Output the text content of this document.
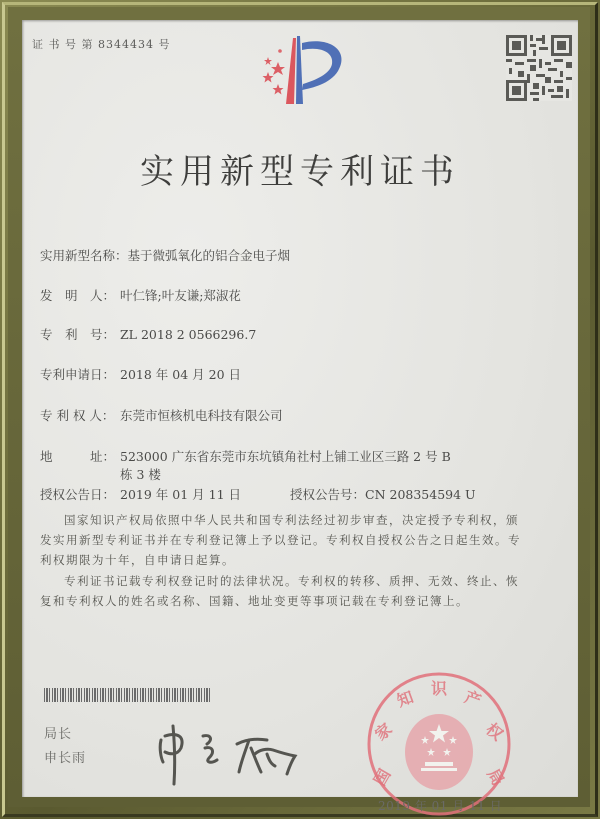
证 书 号 第 8344434 号
实用新型专利证书
实用新型名称：基于微弧氧化的铝合金电子烟
发　明　人： 叶仁锋;叶友谦;郑淑花
专　利　号： ZL 2018 2 0566296.7
专利申请日： 2018 年 04 月 20 日
专 利 权 人： 东莞市恒核机电科技有限公司
地　　　址： 523000 广东省东莞市东坑镇角社村上铺工业区三路 2 号 B
栋 3 楼
授权公告日： 2019 年 01 月 11 日	授权公告号：CN 208354594 U
国家知识产权局依照中华人民共和国专利法经过初步审查，决定授予专利权，颁发实用新型专利证书并在专利登记簿上予以登记。专利权自授权公告之日起生效。专利权期限为十年，自申请日起算。
专利证书记载专利权登记时的法律状况。专利权的转移、质押、无效、终止、恢复和专利权人的姓名或名称、国籍、地址变更等事项记载在专利登记簿上。
局长
申长雨
国
家
知 识 产
权
局
2019 年 01 月 11 日
